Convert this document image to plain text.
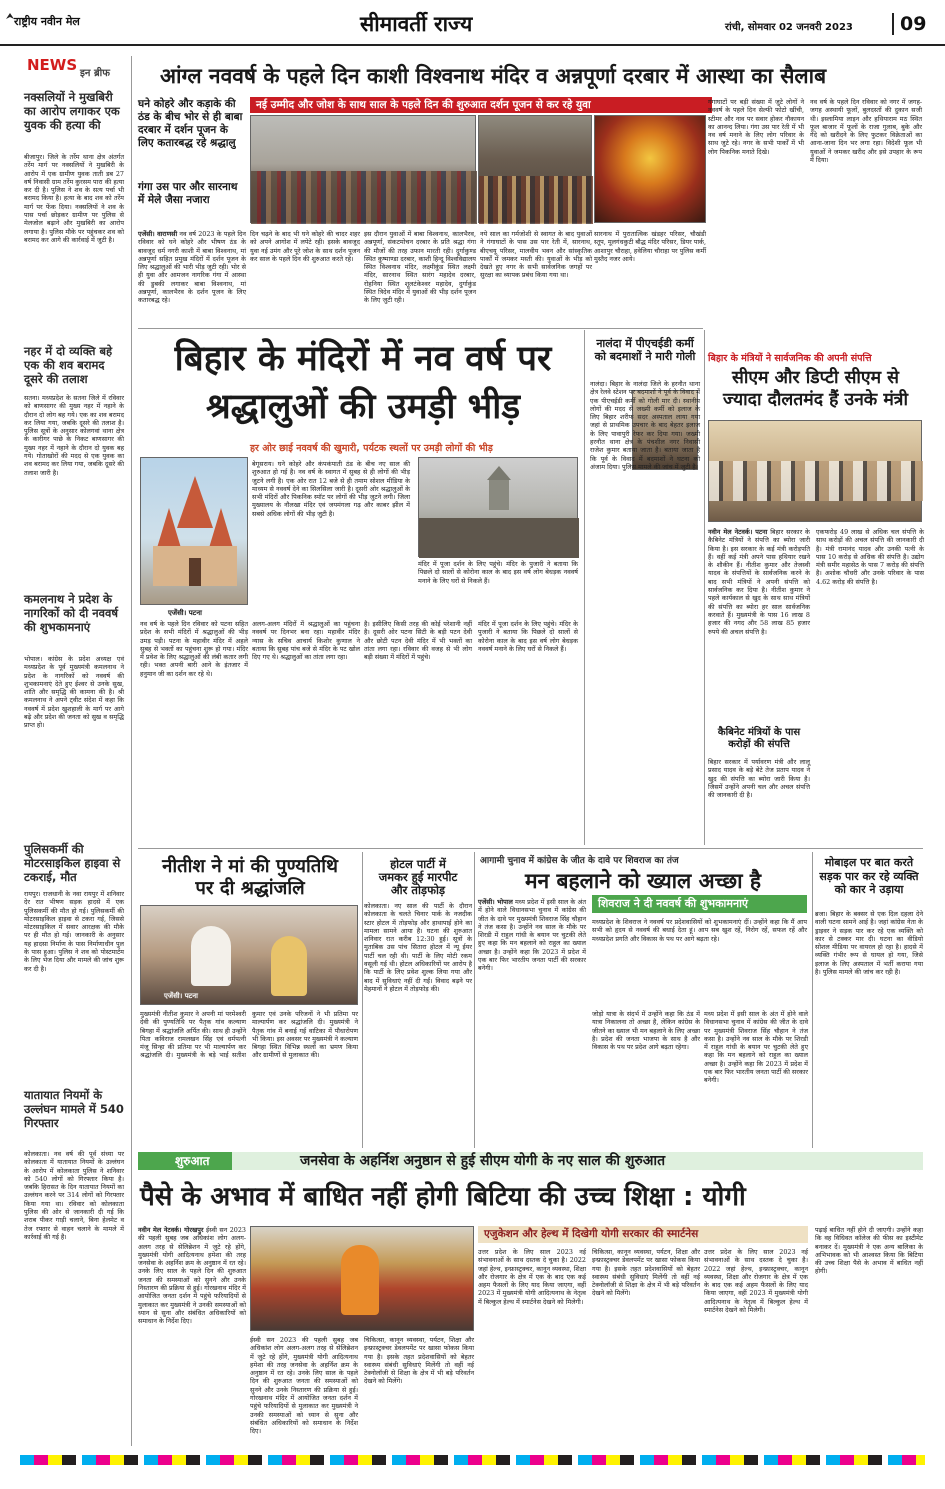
राष्ट्रीय नवीन मेल	सीमावर्ती राज्य	रांची, सोमवार 02 जनवरी 2023	09
NEWS इन ब्रीफ
नक्सलियों ने मुखबिरी का आरोप लगाकर एक युवक की हत्या की
बीजापुर। जिले के तर्रेम थाना क्षेत्र अंतर्गत तर्रेम मार्ग पर नक्सलियों ने मुखबिरी के आरोप में एक ग्रामीण युवक ताती डब 27 वर्ष निवासी ग्राम तर्रेम कुरसम पारा की हत्या कर दी है। पुलिस ने शव के सत्य पर्चा भी बरामद किया है। हत्या के बाद शव को तर्रेम मार्ग पर फेंक दिया। नक्सलियों ने शव के पास पर्चा छोड़कर ग्रामीण पर पुलिस से मेलजोल बढ़ाने और मुखबिरी का आरोप लगाया है। पुलिस मौके पर पहुंचकर शव को बरामद कर आगे की कार्रवाई में जुटी है।
नहर में दो व्यक्ति बहे एक की शव बरामद दूसरे की तलाश
सतना। मध्यप्रदेश के सतना जिले में रविवार को बाणसागर की मुख्य नहर में नहाने के दौरान दो लोग बह गये। एक का शव बरामद कर लिया गया, जबकि दूसरे की तलाश है। पुलिस सूत्रों के अनुसार कोलगवां थाना क्षेत्र के कारीगर पाछे के निकट बाणसागर की मुख्य नहर में नहाने के दौरान दो युवक बह गये। गोताखोरों की मदद से एक युवक का शव बरामद कर लिया गया, जबकि दूसरे की तलाश जारी है।
कमलनाथ ने प्रदेश के नागरिकों को दी नववर्ष की शुभकामनाएं
भोपाल। कांग्रेस के प्रदेश अध्यक्ष एवं मध्यप्रदेश के पूर्व मुख्यमंत्री कमलनाथ ने प्रदेश के नागरिकों को नववर्ष की शुभकामनाएं देते हुए ईश्वर से उनके सुख, शांति और समृद्धि की कामना की है। श्री कमलनाथ ने अपने ट्वीट संदेश में कहा कि नववर्ष में प्रदेश खुशहाली के मार्ग पर आगे बढ़े और प्रदेश की जनता को सुख व समृद्धि प्राप्त हो।
पुलिसकर्मी की मोटरसाइकिल हाइवा से टकराई, मौत
रायपुर। राजधानी के नवा रायपुर में शनिवार देर रात भीषण सड़क हादसे में एक पुलिसकर्मी की मौत हो गई। पुलिसकर्मी की मोटरसाइकिल हाइवा से टकरा गई, जिससे मोटरसाइकिल में सवार आरक्षक की मौके पर ही मौत हो गई। जानकारी के अनुसार यह हादसा निर्माण के पास निर्माणाधीन पुल के पास हुआ। पुलिस ने शव को पोस्टमार्टम के लिए भेज दिया और मामले की जांच शुरू कर दी है।
यातायात नियमों के उल्लंघन मामले में 540 गिरफ्तार
कोलकाता। नव वर्ष की पूर्व संध्या पर कोलकाता में यातायात नियमों के उल्लंघन के आरोप में कोलकाता पुलिस ने शनिवार को 540 लोगों को गिरफ्तार किया है। जबकि हिरासत के दिन यातायात नियमों का उल्लंघन करने पर 314 लोगों को गिरफ्तार किया गया था। रविवार को कोलकाता पुलिस की ओर से जानकारी दी गई कि शराब पीकर गाड़ी चलाने, बिना हेलमेट व तेज रफ्तार से वाहन चलाने के मामले में कार्रवाई की गई है।
आंग्ल नववर्ष के पहले दिन काशी विश्वनाथ मंदिर व अन्नपूर्णा दरबार में आस्था का सैलाब
नई उम्मीद और जोश के साथ साल के पहले दिन की शुरुआत दर्शन पूजन से कर रहे युवा
घने कोहरे और कड़ाके की ठंड के बीच भोर से ही बाबा दरबार में दर्शन पूजन के लिए कतारबद्ध रहे श्रद्धालु
गंगा उस पार और सारनाथ में मेले जैसा नजारा
एजेंसी। वाराणसी नव वर्ष 2023 के पहले दिन रविवार को घने कोहरे और भीषण ठंड के बावजूद धर्म नगरी काशी में बाबा विश्वनाथ, मां अन्नपूर्णा सहित प्रमुख मंदिरों में दर्शन पूजन के लिए श्रद्धालुओं की भारी भीड़ जुटी रही। भोर से ही युवा और आमजन नागरिक गंगा में आस्था की डुबकी लगाकर बाबा विश्वनाथ, मां अन्नपूर्णा, कालभैरव के दर्शन पूजन के लिए कतारबद्ध रहे।
दिन चढ़ने के बाद भी घने कोहरे की चादर शहर को अपने आगोश में लपेटे रही। इसके बावजूद युवा नई उमंग और पूरे जोश के साथ दर्शन पूजन कर साल के पहले दिन की शुरुआत करते रहे।
इस दौरान युवाओं में बाबा विश्वनाथ, कालभैरव, अन्नपूर्णा, संकटमोचन दरबार के प्रति श्रद्धा गंगा की मौजों की तरह उफान मारती रही। दुर्गाकुण्ड स्थित कुष्माण्डा दरबार, काशी हिन्दू विश्वविद्यालय स्थित विश्वनाथ मंदिर, लक्ष्मीकुंड स्थित लक्ष्मी मंदिर, सारनाथ स्थित सारंग महादेव दरबार, रोहनिया स्थित शूलटंकेश्वर महादेव, दुर्गाकुंड स्थित त्रिदेव मंदिर में युवाओं की भीड़ दर्शन पूजन के लिए जुटी रही।
नये साल का गर्मजोशी से स्वागत के बाद युवाओं ने गंगाघाटों के पास उस पार रेती में, सारनाथ, बीएचयू परिसर, मालवीय भवन और सांस्कृतिक पार्कों में जमकर मस्ती की। युवाओं के भीड़ को देखते हुए नगर के सभी सार्वजनिक जगहों पर सुरक्षा का व्यापक प्रबंध किया गया था।
सारनाथ में पुरातात्विक खंडहर परिसर, चौखंडी स्तूप, मूलगंधकुटी बौद्ध मंदिर परिसर, डियर पार्क, आशापुर चौराहा, हवेलिया चौराहा पर पुलिस कर्मी मुस्तैद नजर आये।
गंगाघाटों पर बड़ी संख्या में जुटे लोगों ने नववर्ष के पहले दिन सेल्फी फोटो खींची, स्टीमर और नाव पर सवार होकर नौकायन का आनन्द लिया। गंगा उस पार रेती में भी नव वर्ष मनाने के लिए लोग परिवार के साथ जुटे रहे। नगर के सभी पार्कों में भी लोग पिकनिक मनाते दिखे।
नव वर्ष के पहले दिन रविवार को नगर में जगह-जगह अस्थायी फूलों, बुलदस्तों की दुकान सजी थी। इस्लामिया लाइन और हथियाराम मठ स्थित फूल बाजार में फूलों के राजा गुलाब, बुके और गेंदे को खरीदने के लिए फुटकर विक्रेताओं का आना-जाना दिन भर लगा रहा। विदेशी फूल भी युवाओं ने जमकर खरीद और इसे उपहार के रूप में दिया।
बिहार के मंदिरों में नव वर्ष पर
श्रद्धालुओं की उमड़ी भीड़
हर ओर छाई नववर्ष की खुमारी, पर्यटक स्थलों पर उमड़ी लोगों की भीड़
एजेंसी। पटना
बेगूसराय। घने कोहरे और कंपकंपाती ठंड के बीच नए साल की शुरुआत हो गई है। नव वर्ष के स्वागत में सुबह से ही लोगों की भीड़ जुटने लगी है। एक ओर रात 12 बजे से ही तमाम सोशल मीडिया के माध्यम से नववर्ष देने का सिलसिला जारी है। दूसरी ओर श्रद्धालुओं के सभी मंदिरों और पिकनिक स्पॉट पर लोगों की भीड़ जुटने लगी। जिला मुख्यालय के नौलखा मंदिर एवं जयमंगला गढ़ और काबर झील में सबसे अधिक लोगों की भीड़ जुटी है।
मंदिर में पूजा दर्शन के लिए पहुंचे। मंदिर के पुजारी ने बताया कि पिछले दो सालों से कोरोना काल के बाद इस वर्ष लोग बेधड़क नववर्ष मनाने के लिए घरों से निकले हैं।
नव वर्ष के पहले दिन रविवार को पटना सहित प्रदेश के सभी मंदिरों में श्रद्धालुओं की भीड़ उमड़ पड़ी। पटना के महावीर मंदिर में अहले सुबह से भक्तों का पहुंचना शुरू हो गया। मंदिर में प्रवेश के लिए श्रद्धालुओं की लंबी कतार लगी रही। भक्त अपनी बारी आने के इंतजार में हनुमान जी का दर्शन कर रहे थे।
अलग-अलग मंदिरों में श्रद्धालुओं का पहुंचना नववर्ष पर दिनभर बना रहा। महावीर मंदिर न्यास के सचिव आचार्य किशोर कुणाल ने बताया कि सुबह पांच बजे से मंदिर के पट खोल दिए गए थे। श्रद्धालुओं का तांता लगा रहा।
है। इसीलिए किसी तरह की कोई परेशानी नहीं है। दूसरी ओर पटना सिटी के बड़ी पटन देवी और छोटी पटन देवी मंदिर में भी भक्तों का तांता लगा रहा। रविवार की वजह से भी लोग बड़ी संख्या में मंदिरों में पहुंचे।
मंदिर में पूजा दर्शन के लिए पहुंचे। मंदिर के पुजारी ने बताया कि पिछले दो सालों से कोरोना काल के बाद इस वर्ष लोग बेधड़क नववर्ष मनाने के लिए घरों से निकले हैं।
नालंदा में पीएचईडी कर्मी को बदमाशों ने मारी गोली
नालंदा। बिहार के नालंदा जिले के हरनौत थाना क्षेत्र रेलवे स्टेशन पर बदमाशों ने पूर्व के विवाद में एक पीएचईडी कर्मी को गोली मार दी। स्थानीय लोगों की मदद से जख्मी कर्मी को इलाज के लिए बिहार शरीफ सदर अस्पताल लाया गया जहां से प्राथमिक उपचार के बाद बेहतर इलाज के लिए पावापुरी रेफर कर दिया गया। जख्मी हरनौत थाना क्षेत्र के पंचशील नगर निवासी राजेश कुमार बताया जाता है। बताया जाता है कि पूर्व के विवाद में बदमाशों ने घटना को अंजाम दिया। पुलिस मामले की जांच में जुटी है।
बिहार के मंत्रियों ने सार्वजनिक की अपनी संपत्ति
सीएम और डिप्टी सीएम से
ज्यादा दौलतमंद हैं उनके मंत्री
नवीन मेल नेटवर्क। पटना बिहार सरकार के कैबिनेट मंत्रियों ने संपत्ति का ब्योरा जारी किया है। इस सरकार के कई मंत्री करोड़पति हैं। वहीं कई मंत्री अपने पास हथियार रखने के शौकीन हैं। नीतीश कुमार और तेजस्वी यादव के संपत्तियों के सार्वजनिक करने के बाद सभी मंत्रियों ने अपनी संपत्ति को सार्वजनिक कर दिया है। नीतीश कुमार ने पहले कार्यकाल से खुद के साथ साथ मंत्रियों की संपत्ति का ब्योरा हर साल सार्वजनिक करवाते हैं। मुख्यमंत्री के पास 16 लाख 8 हजार की नगद और 58 लाख 85 हजार रुपये की अचल संपत्ति है।
कैबिनेट मंत्रियों के पास करोड़ों की संपत्ति
बिहार सरकार में पर्यावरण मंत्री और लालू प्रसाद यादव के बड़े बेटे तेज प्रताप यादव ने खुद की संपत्ति का ब्योरा जारी किया है। जिसमें उन्होंने अपनी चल और अचल संपत्ति की जानकारी दी है।
एकफरोड़ 49 लाख से अधिक चल संपत्ति के साथ करोड़ों की अचल संपत्ति की जानकारी दी है। मंत्री रामानंद यादव और उनकी पत्नी के पास 10 करोड़ से अधिक की संपत्ति है। उद्योग मंत्री समीर महासेठ के पास 7 करोड़ की संपत्ति है। अशोक चौधरी और उनके परिवार के पास 4.62 करोड़ की संपत्ति है।
नीतीश ने मां की पुण्यतिथि
पर दी श्रद्धांजलि
एजेंसी। पटना
मुख्यमंत्री नीतीश कुमार ने अपनी मां परमेश्वरी देवी की पुण्यतिथि पर पैतृक गांव कल्याण बिगहा में श्रद्धांजलि अर्पित की। साथ ही उन्होंने पिता कविराज रामलखन सिंह एवं धर्मपत्नी मंजू सिन्हा की प्रतिमा पर भी माल्यार्पण कर श्रद्धांजलि दी। मुख्यमंत्री के बड़े भाई सतीश कुमार एवं उनके परिजनों ने भी प्रतिमा पर माल्यार्पण कर श्रद्धांजलि दी। मुख्यमंत्री ने पैतृक गांव में बनाई गई वाटिका में पौधारोपण भी किया। इस अवसर पर मुख्यमंत्री ने कल्याण बिगहा स्थित विभिन्न स्थलों का भ्रमण किया और ग्रामीणों से मुलाकात की।
होटल पार्टी में
जमकर हुई मारपीट
और तोड़फोड़
कोलकाता। नए साल की पार्टी के दौरान कोलकाता के चलते चिनार पार्क के नजदीक स्टार होटल में तोड़फोड़ और हाथापाई होने का मामला सामने आया है। घटना की शुरुआत शनिवार रात करीब 12:30 हुई। सूत्रों के मुताबिक उस पांच सितारा होटल में न्यू ईयर पार्टी चल रही थी। पार्टी के लिए मोटी रकम वसूली गई थी। होटल अधिकारियों पर आरोप है कि पार्टी के लिए प्रवेश शुल्क लिया गया और बाद में सुविधाएं नहीं दी गईं। विवाद बढ़ने पर मेहमानों ने होटल में तोड़फोड़ की।
आगामी चुनाव में कांग्रेस के जीत के दावे पर शिवराज का तंज
मन बहलाने को ख्याल अच्छा है
एजेंसी। भोपाल मध्य प्रदेश में इसी साल के अंत में होने वाले विधानसभा चुनाव में कांग्रेस की जीत के दावे पर मुख्यमंत्री शिवराज सिंह चौहान ने तंज कसा है। उन्होंने नव साल के मौके पर शिरडी में राहुल गांधी के बयान पर चुटकी लेते हुए कहा कि मन बहलाने को राहुल का ख्याल अच्छा है। उन्होंने कहा कि 2023 में प्रदेश में एक बार फिर भारतीय जनता पार्टी की सरकार बनेगी।
शिवराज ने दी नववर्ष की शुभकामनाएं
मध्यप्रदेश के शिवराज ने नववर्ष पर प्रदेशवासियों को शुभकामनाएं दीं। उन्होंने कहा कि मैं आप सभी को हृदय से नववर्ष की बधाई देता हूं। आप सब खुश रहें, निरोग रहें, सफल रहें और मध्यप्रदेश प्रगति और विकास के पथ पर आगे बढ़ता रहे।
जोड़ो यात्रा के संदर्भ में उन्होंने कहा कि ठंड में यात्रा निकालना तो अच्छा है, लेकिन कांग्रेस के जीतने का ख्याल भी मन बहलाने के लिए अच्छा है। प्रदेश की जनता भाजपा के साथ है और विकास के पथ पर प्रदेश आगे बढ़ता रहेगा।
मध्य प्रदेश में इसी साल के अंत में होने वाले विधानसभा चुनाव में कांग्रेस की जीत के दावे पर मुख्यमंत्री शिवराज सिंह चौहान ने तंज कसा है। उन्होंने नव साल के मौके पर शिरडी में राहुल गांधी के बयान पर चुटकी लेते हुए कहा कि मन बहलाने को राहुल का ख्याल अच्छा है। उन्होंने कहा कि 2023 में प्रदेश में एक बार फिर भारतीय जनता पार्टी की सरकार बनेगी।
मोबाइल पर बात करते सड़क पार कर रहे व्यक्ति को कार ने उड़ाया
ब्रजा। बिहार के बक्सर से एक दिल दहला देने वाली घटना सामने आई है। जहां कांग्रेस नेता के ड्राइवर ने सड़क पार कर रहे एक व्यक्ति को कार से टक्कर मार दी। घटना का वीडियो सोशल मीडिया पर वायरल हो रहा है। हादसे में व्यक्ति गंभीर रूप से घायल हो गया, जिसे इलाज के लिए अस्पताल में भर्ती कराया गया है। पुलिस मामले की जांच कर रही है।
शुरुआत	जनसेवा के अहर्निश अनुष्ठान से हुई सीएम योगी के नए साल की शुरुआत
पैसे के अभाव में बाधित नहीं होगी बिटिया की उच्च शिक्षा : योगी
नवीन मेल नेटवर्क। गोरखपुर ईस्वी सन 2023 की पहली सुबह जब अधिकांश लोग अलग-अलग तरह से सेलिब्रेशन में जुटे रहे होंगे, मुख्यमंत्री योगी आदित्यनाथ हमेशा की तरह जनसेवा के अहर्निश क्रम के अनुष्ठान में रत रहे। उनके लिए साल के पहले दिन की शुरुआत जनता की समस्याओं को सुनने और उनके निस्तारण की प्रक्रिया से हुई। गोरखनाथ मंदिर में आयोजित जनता दर्शन में पहुंचे फरियादियों से मुलाकात कर मुख्यमंत्री ने उनकी समस्याओं को ध्यान से सुना और संबंधित अधिकारियों को समाधान के निर्देश दिए।
ईस्वी सन 2023 की पहली सुबह जब अधिकांश लोग अलग-अलग तरह से सेलिब्रेशन में जुटे रहे होंगे, मुख्यमंत्री योगी आदित्यनाथ हमेशा की तरह जनसेवा के अहर्निश क्रम के अनुष्ठान में रत रहे। उनके लिए साल के पहले दिन की शुरुआत जनता की समस्याओं को सुनने और उनके निस्तारण की प्रक्रिया से हुई। गोरखनाथ मंदिर में आयोजित जनता दर्शन में पहुंचे फरियादियों से मुलाकात कर मुख्यमंत्री ने उनकी समस्याओं को ध्यान से सुना और संबंधित अधिकारियों को समाधान के निर्देश दिए।
चिकित्सा, कानून व्यवस्था, पर्यटन, शिक्षा और इन्फ्रास्ट्रक्चर डेवलपमेंट पर खासा फोकस किया गया है। इसके तहत प्रदेशवासियों को बेहतर स्वास्थ्य संबंधी सुविधाएं मिलेंगी तो वहीं नई टेक्नोलॉजी से शिक्षा के क्षेत्र में भी बड़े परिवर्तन देखने को मिलेंगे।
एजुकेशन और हेल्थ में दिखेगी योगी सरकार की स्मार्टनेस
उत्तर प्रदेश के लिए साल 2023 नई संभावनाओं के साथ दस्तक दे चुका है। 2022 जहां हेल्थ, इन्फ्रास्ट्रक्चर, कानून व्यवस्था, शिक्षा और रोजगार के क्षेत्र में एक के बाद एक कई अहम फैसलों के लिए याद किया जाएगा, वहीं 2023 में मुख्यमंत्री योगी आदित्यनाथ के नेतृत्व में बिल्कुल हेल्थ में स्मार्टनेस देखने को मिलेगी।
चिकित्सा, कानून व्यवस्था, पर्यटन, शिक्षा और इन्फ्रास्ट्रक्चर डेवलपमेंट पर खासा फोकस किया गया है। इसके तहत प्रदेशवासियों को बेहतर स्वास्थ्य संबंधी सुविधाएं मिलेंगी तो वहीं नई टेक्नोलॉजी से शिक्षा के क्षेत्र में भी बड़े परिवर्तन देखने को मिलेंगे।
उत्तर प्रदेश के लिए साल 2023 नई संभावनाओं के साथ दस्तक दे चुका है। 2022 जहां हेल्थ, इन्फ्रास्ट्रक्चर, कानून व्यवस्था, शिक्षा और रोजगार के क्षेत्र में एक के बाद एक कई अहम फैसलों के लिए याद किया जाएगा, वहीं 2023 में मुख्यमंत्री योगी आदित्यनाथ के नेतृत्व में बिल्कुल हेल्थ में स्मार्टनेस देखने को मिलेगी।
पढ़ाई बाधित नहीं होने दी जाएगी। उन्होंने कहा कि वह विधिवत कॉलेज की फीस का इस्टीमेट बनाकर दें। मुख्यमंत्री ने एक अन्य बालिका के अभिभावक को भी आश्वस्त किया कि बिटिया की उच्च शिक्षा पैसे के अभाव में बाधित नहीं होगी।
